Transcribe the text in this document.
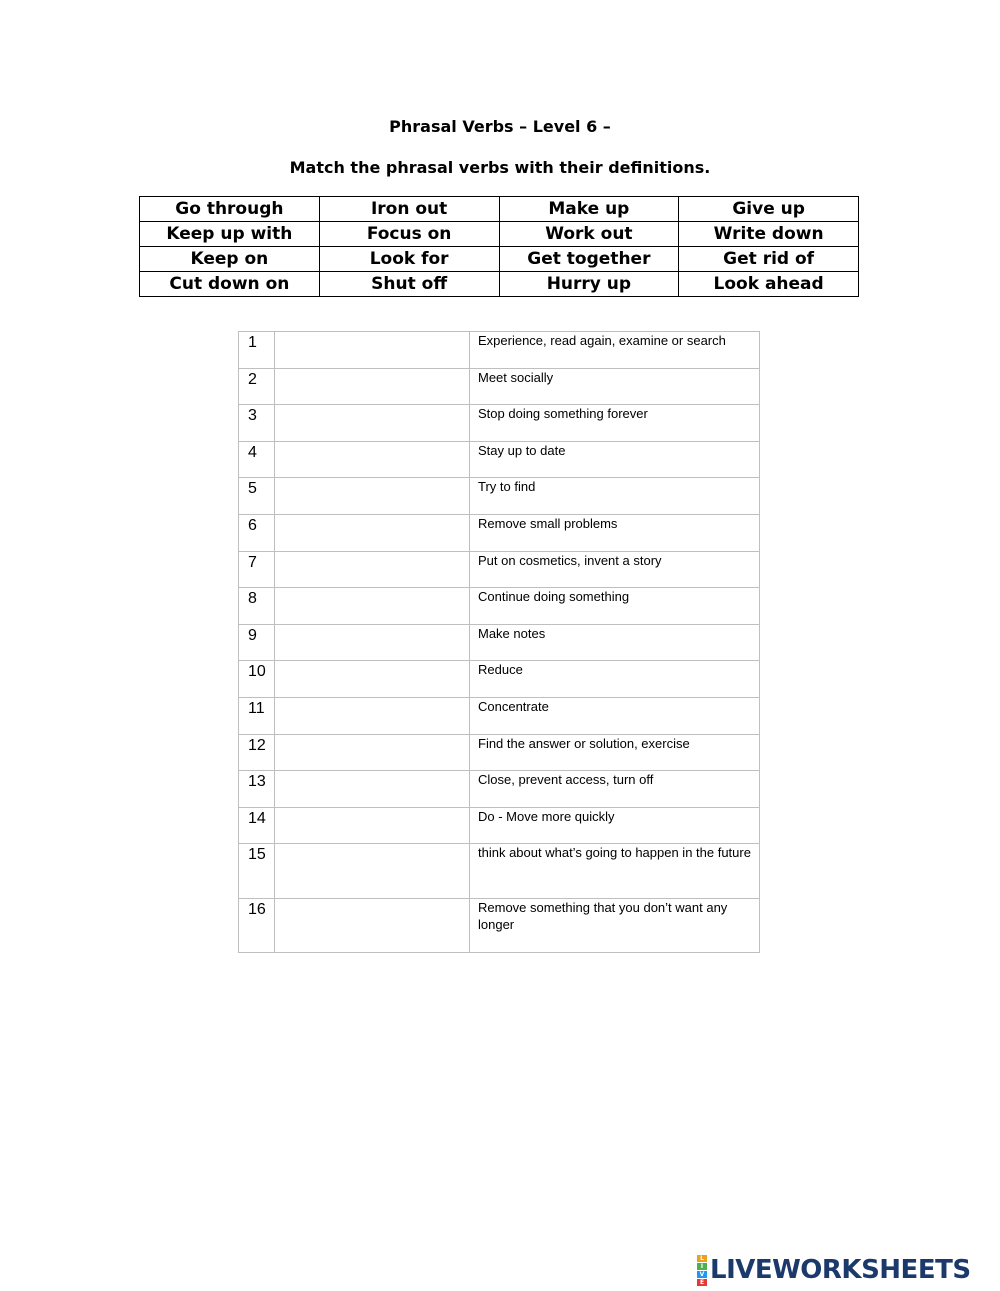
Phrasal Verbs – Level 6 –
Match the phrasal verbs with their definitions.
Go through	Iron out	Make up	Give up
Keep up with	Focus on	Work out	Write down
Keep on	Look for	Get together	Get rid of
Cut down on	Shut off	Hurry up	Look ahead
1		Experience, read again, examine or search
2		Meet socially
3		Stop doing something forever
4		Stay up to date
5		Try to find
6		Remove small problems
7		Put on cosmetics, invent a story
8		Continue doing something
9		Make notes
10		Reduce
11		Concentrate
12		Find the answer or solution, exercise
13		Close, prevent access, turn off
14		Do - Move more quickly
15		think about what’s going to happen in the future
16		Remove something that you don’t want any longer
L
I
V
E LIVEWORKSHEETS
